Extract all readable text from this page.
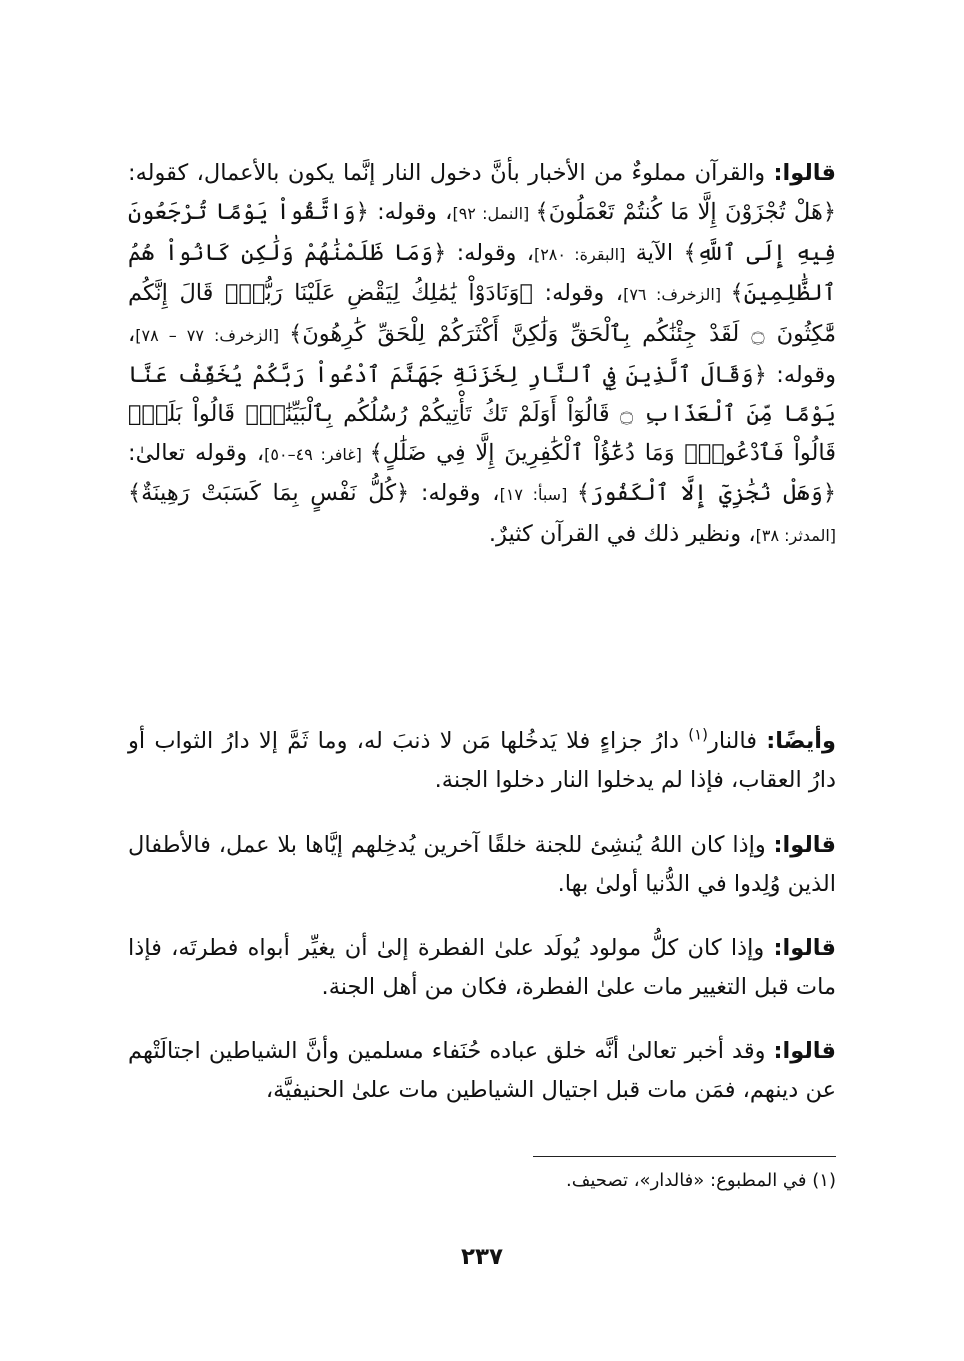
قالوا: والقرآن مملوءٌ من الأخبار بأنَّ دخول النار إنَّما يكون بالأعمال، كقوله: ﴿هَلْ تُجْزَوْنَ إِلَّا مَا كُنتُمْ تَعْمَلُونَ﴾ [النمل: ٩٢]، وقوله: ﴿وَاتَّقُواْ يَوْمًا تُرْجَعُونَ فِيهِ إِلَى ٱللَّهِ﴾ الآية [البقرة: ٢٨٠]، وقوله: ﴿وَمَا ظَلَمْنَٰهُمْ وَلَٰكِن كَانُواْ هُمُ ٱلظَّٰلِمِينَ﴾ [الزخرف: ٧٦]، وقوله: ﴿وَنَادَوْاْ يَٰمَٰلِكُ لِيَقْضِ عَلَيْنَا رَبُّكَۖ قَالَ إِنَّكُم مَّٰكِثُونَ ۝ لَقَدْ جِئْنَٰكُم بِٱلْحَقِّ وَلَٰكِنَّ أَكْثَرَكُمْ لِلْحَقِّ كَٰرِهُونَ﴾ [الزخرف: ٧٧ – ٧٨]، وقوله: ﴿وَقَالَ ٱلَّذِينَ فِي ٱلنَّارِ لِخَزَنَةِ جَهَنَّمَ ٱدْعُواْ رَبَّكُمْ يُخَفِّفْ عَنَّا يَوْمًا مِّنَ ٱلْعَذَابِ ۝ قَالُوٓاْ أَوَلَمْ تَكُ تَأْتِيكُمْ رُسُلُكُم بِٱلْبَيِّنَٰتِۖ قَالُواْ بَلَىٰۚ قَالُواْ فَٱدْعُواْۗ وَمَا دُعَٰٓؤُاْ ٱلْكَٰفِرِينَ إِلَّا فِي ضَلَٰلٍ﴾ [غافر: ٤٩–٥٠]، وقوله تعالىٰ: ﴿وَهَلْ نُجَٰزِيٓ إِلَّا ٱلْكَفُورَ﴾ [سبأ: ١٧]، وقوله: ﴿كُلُّ نَفْسٍ بِمَا كَسَبَتْ رَهِينَةٌ﴾ [المدثر: ٣٨]، ونظير ذلك في القرآن كثيرٌ.

وأيضًا: فالنار$^{(١)}$ دارُ جزاءٍ فلا يَدخُلها مَن لا ذنبَ له، وما ثَمَّ إلا دارُ الثواب أو دارُ العقاب، فإذا لم يدخلوا النار دخلوا الجنة.

قالوا: وإذا كان اللهُ يُنشِئ للجنة خلقًا آخرين يُدخِلهم إيَّاها بلا عمل، فالأطفال الذين وُلِدوا في الدُّنيا أولىٰ بها.

قالوا: وإذا كان كلُّ مولود يُولَد علىٰ الفطرة إلىٰ أن يغيِّر أبواه فطرتَه، فإذا مات قبل التغيير مات علىٰ الفطرة، فكان من أهل الجنة.

قالوا: وقد أخبر تعالىٰ أنَّه خلق عباده حُنَفاء مسلمين وأنَّ الشياطين اجتالَتْهم عن دينهم، فمَن مات قبل اجتيال الشياطين مات علىٰ الحنيفيَّة،

(١) في المطبوع: «فالدار»، تصحيف.
٢٣٧
